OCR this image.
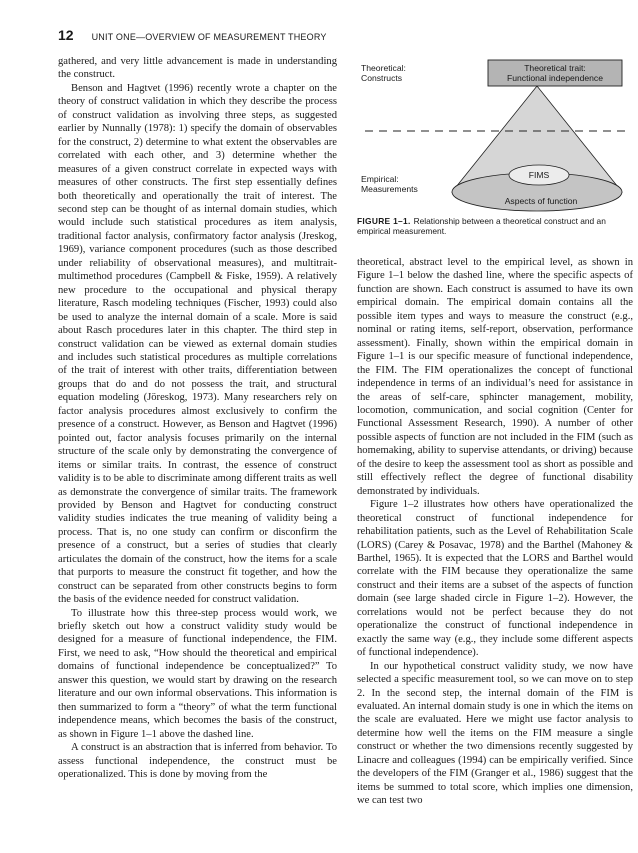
12 UNIT ONE—OVERVIEW OF MEASUREMENT THEORY

gathered, and very little advancement is made in understanding the construct.

Benson and Hagtvet (1996) recently wrote a chapter on the theory of construct validation in which they describe the process of construct validation as involving three steps, as suggested earlier by Nunnally (1978): 1) specify the domain of observables for the construct, 2) determine to what extent the observables are correlated with each other, and 3) determine whether the measures of a given construct correlate in expected ways with measures of other constructs. The first step essentially defines both theoretically and operationally the trait of interest. The second step can be thought of as internal domain studies, which would include such statistical procedures as item analysis, traditional factor analysis, confirmatory factor analysis (Jreskog, 1969), variance component procedures (such as those described under reliability of observational measures), and multitrait-multimethod procedures (Campbell & Fiske, 1959). A relatively new procedure to the occupational and physical therapy literature, Rasch modeling techniques (Fischer, 1993) could also be used to analyze the internal domain of a scale. More is said about Rasch procedures later in this chapter. The third step in construct validation can be viewed as external domain studies and includes such statistical procedures as multiple correlations of the trait of interest with other traits, differentiation between groups that do and do not possess the trait, and structural equation modeling (Jöreskog, 1973). Many researchers rely on factor analysis procedures almost exclusively to confirm the presence of a construct. However, as Benson and Hagtvet (1996) pointed out, factor analysis focuses primarily on the internal structure of the scale only by demonstrating the convergence of items or similar traits. In contrast, the essence of construct validity is to be able to discriminate among different traits as well as demonstrate the convergence of similar traits. The framework provided by Benson and Hagtvet for conducting construct validity studies indicates the true meaning of validity being a process. That is, no one study can confirm or disconfirm the presence of a construct, but a series of studies that clearly articulates the domain of the construct, how the items for a scale that purports to measure the construct fit together, and how the construct can be separated from other constructs begins to form the basis of the evidence needed for construct validation.

To illustrate how this three-step process would work, we briefly sketch out how a construct validity study would be designed for a measure of functional independence, the FIM. First, we need to ask, “How should the theoretical and empirical domains of functional independence be conceptualized?” To answer this question, we would start by drawing on the research literature and our own informal observations. This information is then summarized to form a “theory” of what the term functional independence means, which becomes the basis of the construct, as shown in Figure 1–1 above the dashed line.

A construct is an abstraction that is inferred from behavior. To assess functional independence, the construct must be operationalized. This is done by moving from the

Theoretical trait:
Functional independence
Theoretical:
Constructs
Empirical:
Measurements
FIMS
Aspects of function
FIGURE 1–1. Relationship between a theoretical construct and an empirical measurement.

theoretical, abstract level to the empirical level, as shown in Figure 1–1 below the dashed line, where the specific aspects of function are shown. Each construct is assumed to have its own empirical domain. The empirical domain contains all the possible item types and ways to measure the construct (e.g., nominal or rating items, self-report, observation, performance assessment). Finally, shown within the empirical domain in Figure 1–1 is our specific measure of functional independence, the FIM. The FIM operationalizes the concept of functional independence in terms of an individual’s need for assistance in the areas of self-care, sphincter management, mobility, locomotion, communication, and social cognition (Center for Functional Assessment Research, 1990). A number of other possible aspects of function are not included in the FIM (such as homemaking, ability to supervise attendants, or driving) because of the desire to keep the assessment tool as short as possible and still effectively reflect the degree of functional disability demonstrated by individuals.

Figure 1–2 illustrates how others have operationalized the theoretical construct of functional independence for rehabilitation patients, such as the Level of Rehabilitation Scale (LORS) (Carey & Posavac, 1978) and the Barthel (Mahoney & Barthel, 1965). It is expected that the LORS and Barthel would correlate with the FIM because they operationalize the same construct and their items are a subset of the aspects of function domain (see large shaded circle in Figure 1–2). However, the correlations would not be perfect because they do not operationalize the construct of functional independence in exactly the same way (e.g., they include some different aspects of functional independence).

In our hypothetical construct validity study, we now have selected a specific measurement tool, so we can move on to step 2. In the second step, the internal domain of the FIM is evaluated. An internal domain study is one in which the items on the scale are evaluated. Here we might use factor analysis to determine how well the items on the FIM measure a single construct or whether the two dimensions recently suggested by Linacre and colleagues (1994) can be empirically verified. Since the developers of the FIM (Granger et al., 1986) suggest that the items be summed to total score, which implies one dimension, we can test two
